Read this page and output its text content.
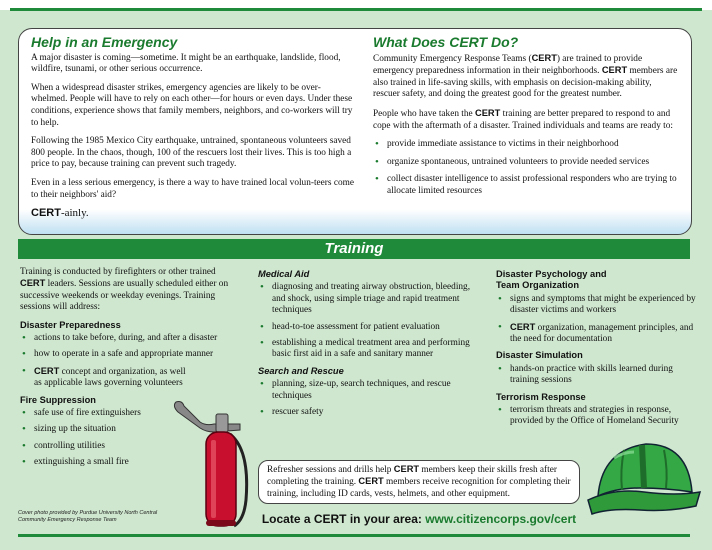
Help in an Emergency

A major disaster is coming—sometime. It might be an earthquake, landslide, flood, wildfire, tsunami, or other serious occurrence.

When a widespread disaster strikes, emergency agencies are likely to be over-whelmed. People will have to rely on each other—for hours or even days. Under these conditions, experience shows that family members, neighbors, and co-workers will try to help.

Following the 1985 Mexico City earthquake, untrained, spontaneous volunteers saved 800 people. In the chaos, though, 100 of the rescuers lost their lives. This is too high a price to pay, because training can prevent such tragedy.

Even in a less serious emergency, is there a way to have trained local volun-teers come to their neighbors' aid?

CERT-ainly.
What Does CERT Do?

Community Emergency Response Teams (CERT) are trained to provide emergency preparedness information in their neighborhoods. CERT members are also trained in life-saving skills, with emphasis on decision-making ability, rescuer safety, and doing the greatest good for the greatest number.

People who have taken the CERT training are better prepared to respond to and cope with the aftermath of a disaster. Trained individuals and teams are ready to:

• provide immediate assistance to victims in their neighborhood
• organize spontaneous, untrained volunteers to provide needed services
• collect disaster intelligence to assist professional responders who are trying to allocate limited resources
Training

Training is conducted by firefighters or other trained CERT leaders. Sessions are usually scheduled either on successive weekends or weekday evenings. Training sessions will address:

Disaster Preparedness
• actions to take before, during, and after a disaster
• how to operate in a safe and appropriate manner
• CERT concept and organization, as well as applicable laws governing volunteers
Fire Suppression
• safe use of fire extinguishers
• sizing up the situation
• controlling utilities
• extinguishing a small fire
Medical Aid
• diagnosing and treating airway obstruction, bleeding, and shock, using simple triage and rapid treatment techniques
• head-to-toe assessment for patient evaluation
• establishing a medical treatment area and performing basic first aid in a safe and sanitary manner
Search and Rescue
• planning, size-up, search techniques, and rescue techniques
• rescuer safety
Disaster Psychology and Team Organization
• signs and symptoms that might be experienced by disaster victims and workers
• CERT organization, management principles, and the need for documentation
Disaster Simulation
• hands-on practice with skills learned during training sessions
Terrorism Response
• terrorism threats and strategies in response, provided by the Office of Homeland Security
Refresher sessions and drills help CERT members keep their skills fresh after completing the training. CERT members receive recognition for completing their training, including ID cards, vests, helmets, and other equipment.
Locate a CERT in your area: www.citizencorps.gov/cert
Cover photo provided by Purdue University North Central
Community Emergency Response Team
